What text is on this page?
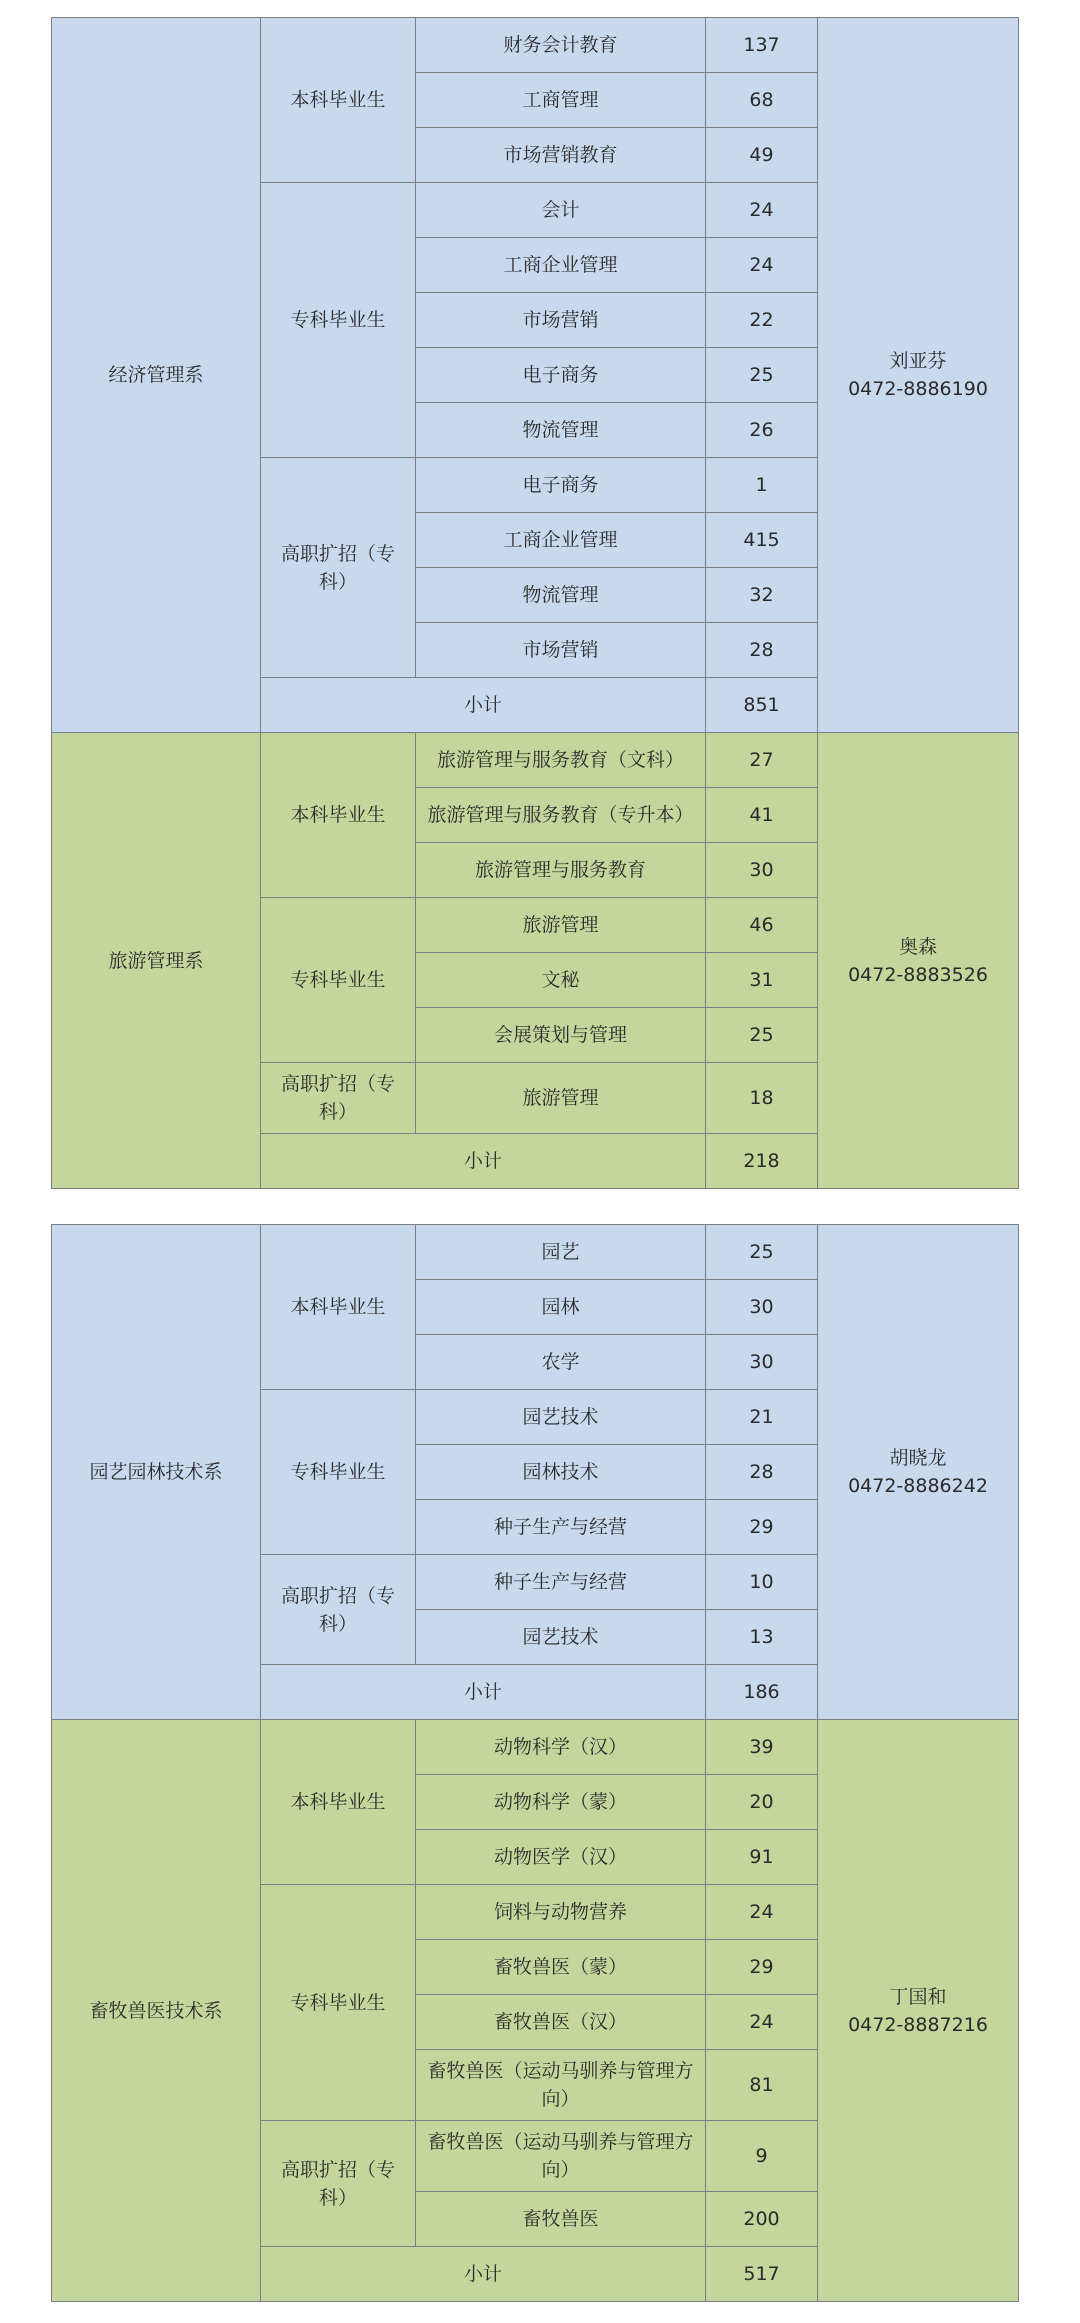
经济管理系	本科毕业生	财务会计教育	137	刘亚芬
0472-8886190

		工商管理	68	
		市场营销教育	49	
	专科毕业生	会计	24	
		工商企业管理	24	
		市场营销	22	
		电子商务	25	
		物流管理	26	
	高职扩招（专科）	电子商务	1	
		工商企业管理	415	
		物流管理	32	
		市场营销	28	
	小计		851	
旅游管理系	本科毕业生	旅游管理与服务教育（文科）	27	奥森
0472-8883526

		旅游管理与服务教育（专升本）	41	
		旅游管理与服务教育	30	
	专科毕业生	旅游管理	46	
		文秘	31	
		会展策划与管理	25	
	高职扩招（专科）	旅游管理	18	
	小计		218	
园艺园林技术系	本科毕业生	园艺	25	胡晓龙
0472-8886242

		园林	30	
		农学	30	
	专科毕业生	园艺技术	21	
		园林技术	28	
		种子生产与经营	29	
	高职扩招（专科）	种子生产与经营	10	
		园艺技术	13	
	小计		186	
畜牧兽医技术系	本科毕业生	动物科学（汉）	39	丁国和
0472-8887216

		动物科学（蒙）	20	
		动物医学（汉）	91	
	专科毕业生	饲料与动物营养	24	
		畜牧兽医（蒙）	29	
		畜牧兽医（汉）	24	
		畜牧兽医（运动马驯养与管理方向）	81	
	高职扩招（专科）	畜牧兽医（运动马驯养与管理方向）	9	
		畜牧兽医	200	
	小计		517	
